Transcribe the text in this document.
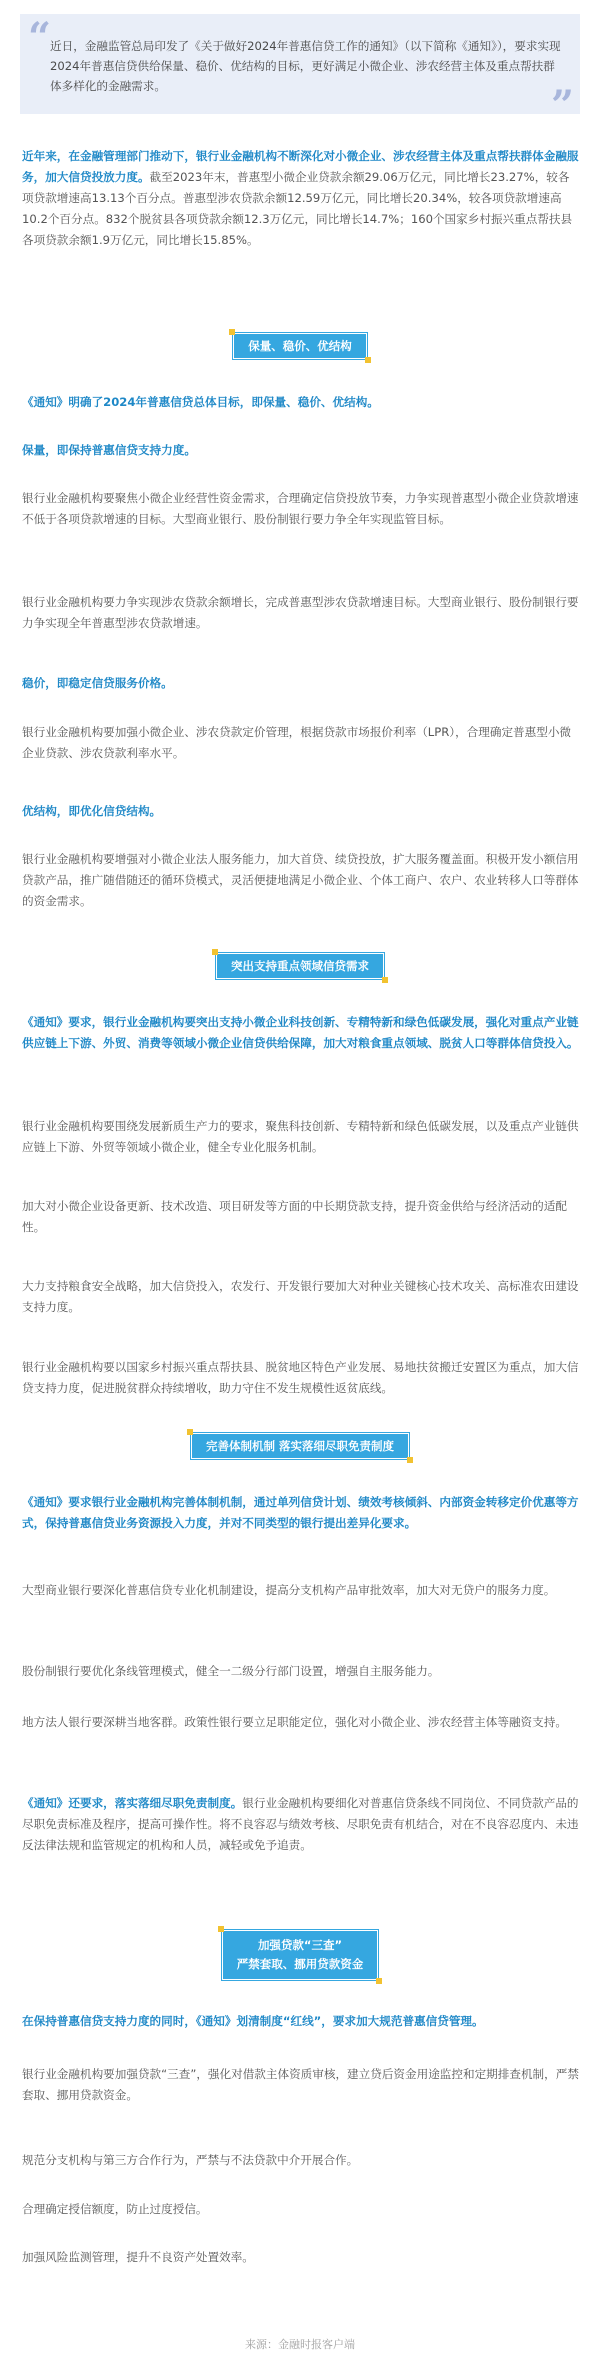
“
近日，金融监管总局印发了《关于做好2024年普惠信贷工作的通知》（以下简称《通知》），要求实现2024年普惠信贷供给保量、稳价、优结构的目标，更好满足小微企业、涉农经营主体及重点帮扶群体多样化的金融需求。	”
近年来，在金融管理部门推动下，银行业金融机构不断深化对小微企业、涉农经营主体及重点帮扶群体金融服务，加大信贷投放力度。截至2023年末，普惠型小微企业贷款余额29.06万亿元，同比增长23.27%，较各项贷款增速高13.13个百分点。普惠型涉农贷款余额12.59万亿元，同比增长20.34%，较各项贷款增速高10.2个百分点。832个脱贫县各项贷款余额12.3万亿元，同比增长14.7%；160个国家乡村振兴重点帮扶县各项贷款余额1.9万亿元，同比增长15.85%。
保量、稳价、优结构
《通知》明确了2024年普惠信贷总体目标，即保量、稳价、优结构。
保量，即保持普惠信贷支持力度。
银行业金融机构要聚焦小微企业经营性资金需求，合理确定信贷投放节奏，力争实现普惠型小微企业贷款增速不低于各项贷款增速的目标。大型商业银行、股份制银行要力争全年实现监管目标。
银行业金融机构要力争实现涉农贷款余额增长，完成普惠型涉农贷款增速目标。大型商业银行、股份制银行要力争实现全年普惠型涉农贷款增速。
稳价，即稳定信贷服务价格。
银行业金融机构要加强小微企业、涉农贷款定价管理，根据贷款市场报价利率（LPR），合理确定普惠型小微企业贷款、涉农贷款利率水平。
优结构，即优化信贷结构。
银行业金融机构要增强对小微企业法人服务能力，加大首贷、续贷投放，扩大服务覆盖面。积极开发小额信用贷款产品，推广随借随还的循环贷模式，灵活便捷地满足小微企业、个体工商户、农户、农业转移人口等群体的资金需求。
突出支持重点领域信贷需求
《通知》要求，银行业金融机构要突出支持小微企业科技创新、专精特新和绿色低碳发展，强化对重点产业链供应链上下游、外贸、消费等领域小微企业信贷供给保障，加大对粮食重点领域、脱贫人口等群体信贷投入。
银行业金融机构要围绕发展新质生产力的要求，聚焦科技创新、专精特新和绿色低碳发展，以及重点产业链供应链上下游、外贸等领域小微企业，健全专业化服务机制。
加大对小微企业设备更新、技术改造、项目研发等方面的中长期贷款支持，提升资金供给与经济活动的适配性。
大力支持粮食安全战略，加大信贷投入，农发行、开发银行要加大对种业关键核心技术攻关、高标准农田建设支持力度。
银行业金融机构要以国家乡村振兴重点帮扶县、脱贫地区特色产业发展、易地扶贫搬迁安置区为重点，加大信贷支持力度，促进脱贫群众持续增收，助力守住不发生规模性返贫底线。
完善体制机制 落实落细尽职免责制度
《通知》要求银行业金融机构完善体制机制，通过单列信贷计划、绩效考核倾斜、内部资金转移定价优惠等方式，保持普惠信贷业务资源投入力度，并对不同类型的银行提出差异化要求。
大型商业银行要深化普惠信贷专业化机制建设，提高分支机构产品审批效率，加大对无贷户的服务力度。
股份制银行要优化条线管理模式，健全一二级分行部门设置，增强自主服务能力。
地方法人银行要深耕当地客群。政策性银行要立足职能定位，强化对小微企业、涉农经营主体等融资支持。
《通知》还要求，落实落细尽职免责制度。银行业金融机构要细化对普惠信贷条线不同岗位、不同贷款产品的尽职免责标准及程序，提高可操作性。将不良容忍与绩效考核、尽职免责有机结合，对在不良容忍度内、未违反法律法规和监管规定的机构和人员，减轻或免予追责。
加强贷款“三查”
严禁套取、挪用贷款资金
在保持普惠信贷支持力度的同时，《通知》划清制度“红线”，要求加大规范普惠信贷管理。
银行业金融机构要加强贷款“三查”，强化对借款主体资质审核，建立贷后资金用途监控和定期排查机制，严禁套取、挪用贷款资金。
规范分支机构与第三方合作行为，严禁与不法贷款中介开展合作。
合理确定授信额度，防止过度授信。
加强风险监测管理，提升不良资产处置效率。
来源：金融时报客户端
